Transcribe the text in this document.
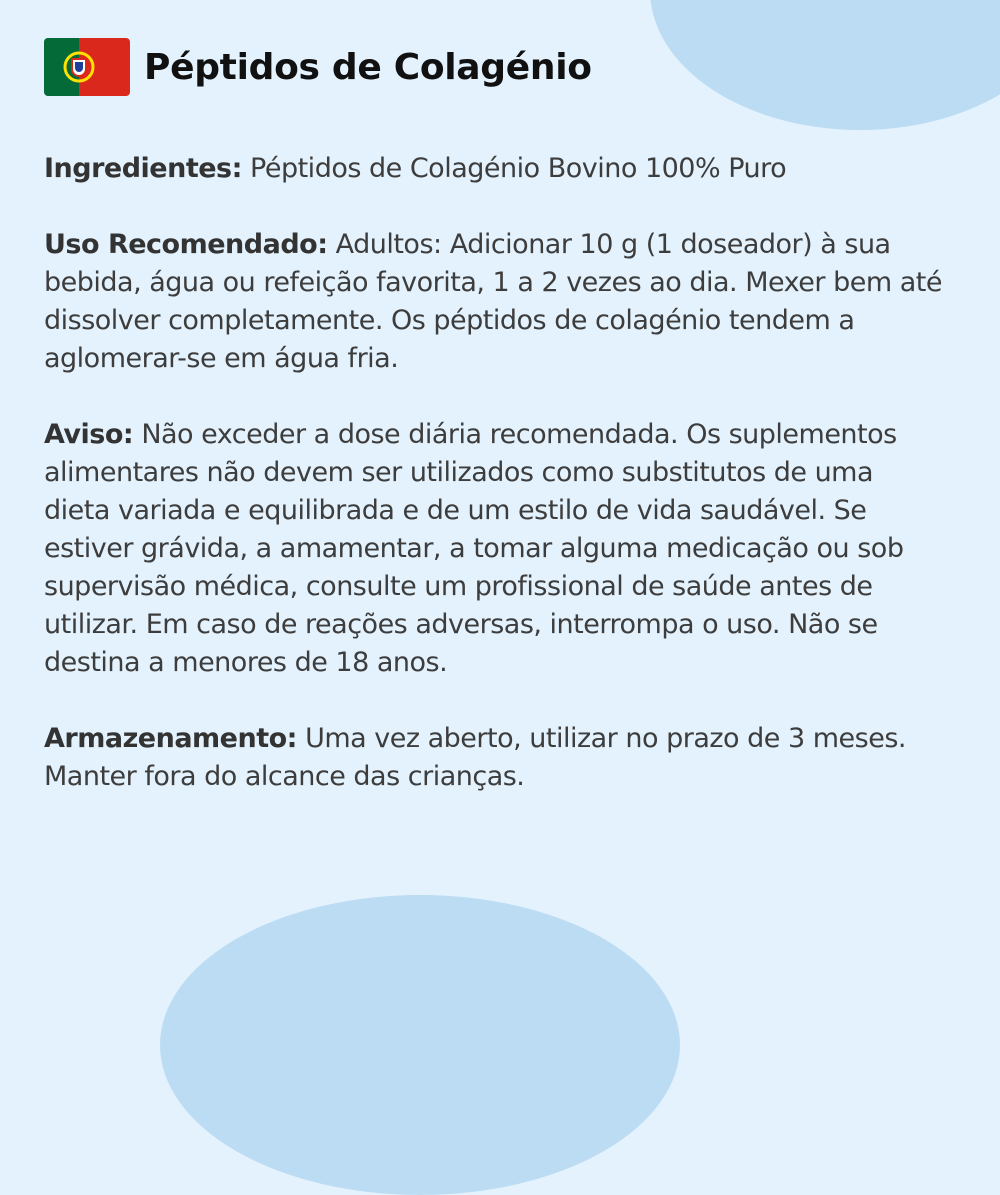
Péptidos de Colagénio

Ingredientes: Péptidos de Colagénio Bovino 100% Puro

Uso Recomendado: Adultos: Adicionar 10 g (1 doseador) à sua bebida, água ou refeição favorita, 1 a 2 vezes ao dia. Mexer bem até dissolver completamente. Os péptidos de colagénio tendem a aglomerar-se em água fria.

Aviso: Não exceder a dose diária recomendada. Os suplementos alimentares não devem ser utilizados como substitutos de uma dieta variada e equilibrada e de um estilo de vida saudável. Se estiver grávida, a amamentar, a tomar alguma medicação ou sob supervisão médica, consulte um profissional de saúde antes de utilizar. Em caso de reações adversas, interrompa o uso. Não se destina a menores de 18 anos.

Armazenamento: Uma vez aberto, utilizar no prazo de 3 meses. Manter fora do alcance das crianças.
